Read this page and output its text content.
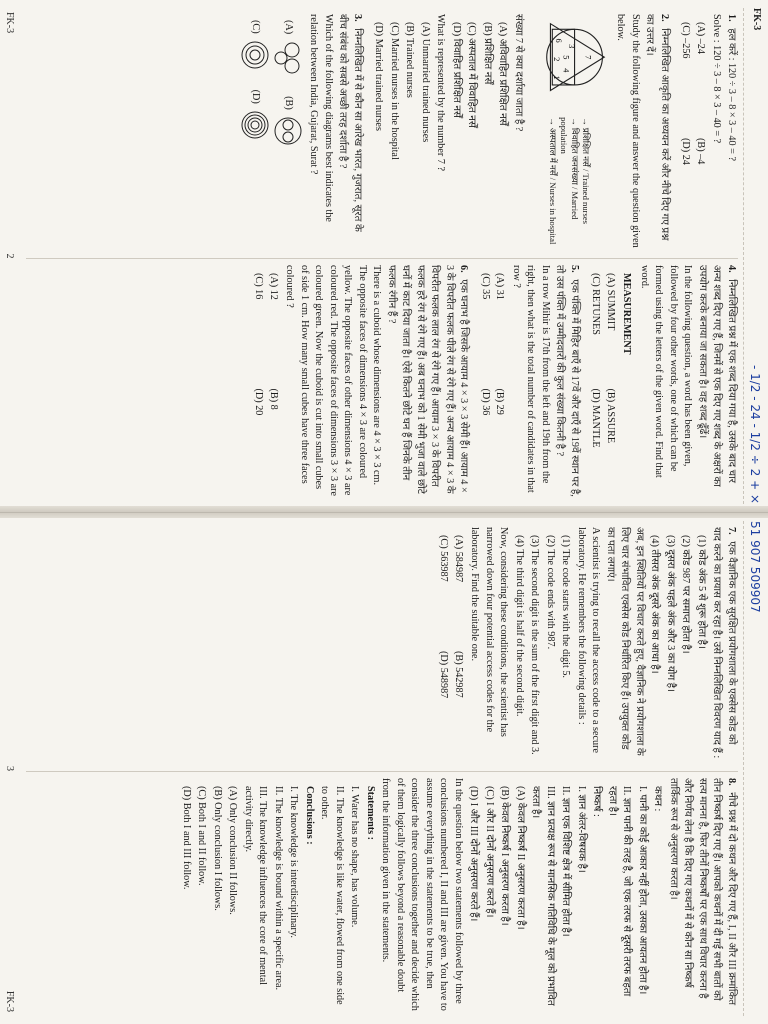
FK-3
- 1/2 - 24 - 1/2 ÷ 2 + ×
1. हल करें : 120 ÷ 3 – 8 × 3 – 40 = ?
Solve : 120 ÷ 3 – 8 × 3 – 40 = ?
(A) –24
(B) –4
(C) –256
(D) 24
2. निम्नलिखित आकृति का अध्ययन करें और नीचे दिए गए प्रश्न का उत्तर दें।
Study the following figure and answer the question given below.
7
3
5
4
6
2
1
→ प्रशिक्षित नर्सें / Trained nurses
→ विवाहित जनसंख्या / Married population
→ अस्पताल में नर्सें / Nurses in hospital
संख्या 7 से क्या दर्शाया जाता है ?
(A) अविवाहित प्रशिक्षित नर्सें
(B) प्रशिक्षित नर्सें
(C) अस्पताल में विवाहित नर्सें
(D) विवाहित प्रशिक्षित नर्सें
What is represented by the number 7 ?
(A) Unmarried trained nurses
(B) Trained nurses
(C) Married nurses in the hospital
(D) Married trained nurses
3. निम्नलिखित में से कौन सा आरेख भारत, गुजरात, सूरत के बीच संबंध को सबसे अच्छी तरह दर्शाता है ?
Which of the following diagrams best indicates the relation between India, Gujarat, Surat ?
(A)
(B)
(C)
(D)
4. निम्नलिखित प्रश्न में एक शब्द दिया गया है, उसके बाद चार अन्य शब्द दिए गए हैं, जिनमें से एक दिए गए शब्द के अक्षरों का उपयोग करके बनाया जा सकता है। वह शब्द ढूँढें।
In the following question, a word has been given, followed by four other words, one of which can be formed using the letters of the given word. Find that word.
MEASUREMENT
(A) SUMMIT
(B) ASSURE
(C) RETUNES
(D) MANTLE
5. एक पंक्ति में मिहिर बाएँ से 17वें और दाएँ से 19वें स्थान पर है, तो उस पंक्ति में उम्मीदवारों की कुल संख्या कितनी है ?
In a row Mihir is 17th from the left and 19th from the right, then what is the total number of candidates in that row ?
(A) 31
(B) 29
(C) 35
(D) 36
6. एक घनाभ है जिसके आयाम 4 × 3 × 3 सेमी हैं। आयाम 4 × 3 के विपरीत फलक पीले रंग से रंगे गए हैं। अन्य आयाम 4 × 3 के विपरीत फलक लाल रंग से रंगे गए हैं। आयाम 3 × 3 के विपरीत फलक हरे रंग से रंगे गए हैं। अब घनाभ को 1 सेमी भुजा वाले छोटे घनों में काट दिया जाता है। ऐसे कितने छोटे घन हैं जिनके तीन फलक रंगीन हैं ?
There is a cuboid whose dimensions are 4 × 3 × 3 cm. The opposite faces of dimensions 4 × 3 are coloured yellow. The opposite faces of other dimensions 4 × 3 are coloured red. The opposite faces of dimensions 3 × 3 are coloured green. Now the cuboid is cut into small cubes of side 1 cm. How many small cubes have three faces coloured ?
(A) 12
(B) 8
(C) 16
(D) 20
FK-3
2
51 907 509907
7. एक वैज्ञानिक एक सुरक्षित प्रयोगशाला के एक्सेस कोड को याद करने का प्रयास कर रहा है। उसे निम्नलिखित विवरण याद हैं :
(1) कोड अंक 5 से शुरू होता है।
(2) कोड 987 पर समाप्त होता है।
(3) दूसरा अंक पहले अंक और 3 का योग है।
(4) तीसरा अंक दूसरे अंक का आधा है।
अब, इन स्थितियों पर विचार करते हुए, वैज्ञानिक ने प्रयोगशाला के लिए चार संभावित एक्सेस कोड निर्धारित किए हैं। उपयुक्त कोड का पता लगाएं।
A scientist is trying to recall the access code to a secure laboratory. He remembers the following details :
(1) The code starts with the digit 5.
(2) The code ends with 987.
(3) The second digit is the sum of the first digit and 3.
(4) The third digit is half of the second digit.
Now, considering these conditions, the scientist has narrowed down four potential access codes for the laboratory. Find the suitable one.
(A) 584987
(B) 542987
(C) 563987
(D) 548987
8. नीचे प्रश्न में दो कथन और दिए गए हैं, I, II और III क्रमांकित तीन निष्कर्ष दिए गए हैं। आपको कथनों में दी गई सभी बातों को सत्य मानना है, फिर तीनों निष्कर्षों पर एक साथ विचार करना है और निर्णय लेना है कि दिए गए कथनों में से कौन सा निष्कर्ष तार्किक रूप से अनुसरण करता है।
कथन :
I. पानी का कोई आकार नहीं होता, उसका आयतन होता है।
II. ज्ञान पानी की तरह है, जो एक तरफ से दूसरी तरफ बहता रहता है।
निष्कर्ष :
I. ज्ञान अंतर-विषयक है।
II. ज्ञान एक विशिष्ट क्षेत्र में सीमित होता है।
III. ज्ञान प्रत्यक्ष रूप से मानसिक गतिविधि के मूल को प्रभावित करता है।
(A) केवल निष्कर्ष II अनुसरण करता है।
(B) केवल निष्कर्ष I अनुसरण करता है।
(C) I और II दोनों अनुसरण करते हैं।
(D) I और III दोनों अनुसरण करते हैं।
In the question below two statements followed by three conclusions numbered I, II and III are given. You have to assume everything in the statements to be true, then consider the three conclusions together and decide which of them logically follows beyond a reasonable doubt from the information given in the statements.
Statements :
I. Water has no shape, has volume.
II. The knowledge is like water, flowed from one side to other.
Conclusions :
I. The knowledge is interdisciplinary.
II. The knowledge is bound within a specific area.
III. The knowledge influences the core of mental activity directly.
(A) Only conclusion II follows.
(B) Only conclusion I follows.
(C) Both I and II follow.
(D) Both I and III follow.
3
FK-3
